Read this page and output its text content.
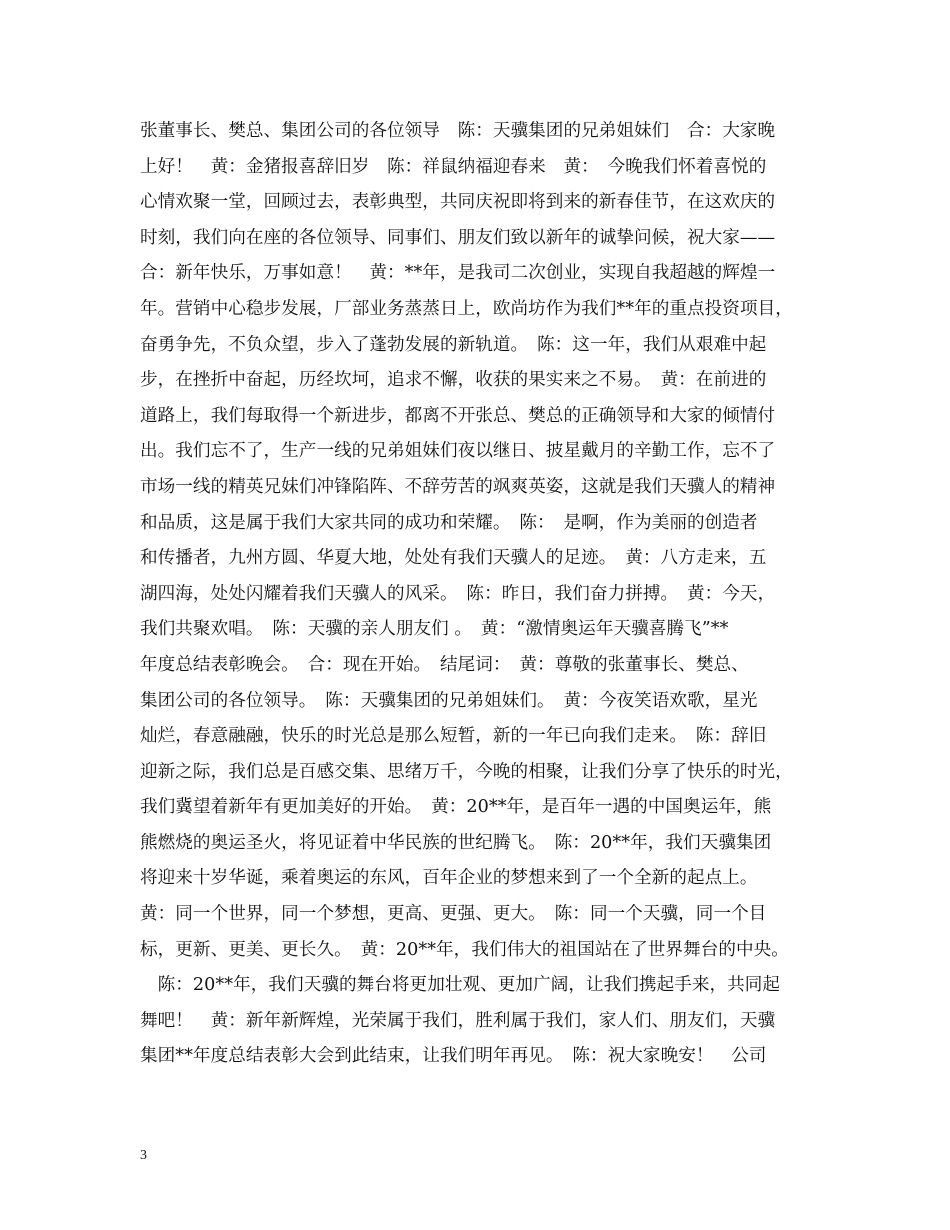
张董事长、樊总、集团公司的各位领导　陈：天骥集团的兄弟姐妹们　合：大家晚
上好！　黄：金猪报喜辞旧岁　陈：祥鼠纳福迎春来　黄：　今晚我们怀着喜悦的
心情欢聚一堂，回顾过去，表彰典型，共同庆祝即将到来的新春佳节，在这欢庆的
时刻，我们向在座的各位领导、同事们、朋友们致以新年的诚挚问候，祝大家——
合：新年快乐，万事如意！　黄：**年，是我司二次创业，实现自我超越的辉煌一
年。营销中心稳步发展，厂部业务蒸蒸日上，欧尚坊作为我们**年的重点投资项目，
奋勇争先，不负众望，步入了蓬勃发展的新轨道。　陈：这一年，我们从艰难中起
步，在挫折中奋起，历经坎坷，追求不懈，收获的果实来之不易。　黄：在前进的
道路上，我们每取得一个新进步，都离不开张总、樊总的正确领导和大家的倾情付
出。我们忘不了，生产一线的兄弟姐妹们夜以继日、披星戴月的辛勤工作，忘不了
市场一线的精英兄妹们冲锋陷阵、不辞劳苦的飒爽英姿，这就是我们天骥人的精神
和品质，这是属于我们大家共同的成功和荣耀。　陈：　是啊，作为美丽的创造者
和传播者，九州方圆、华夏大地，处处有我们天骥人的足迹。　黄：八方走来，五
湖四海，处处闪耀着我们天骥人的风采。　陈：昨日，我们奋力拼搏。　黄：今天，
我们共聚欢唱。　陈：天骥的亲人朋友们 。　黄：“激情奥运年天骥喜腾飞”**
年度总结表彰晚会。　合：现在开始。　结尾词：　黄：尊敬的张董事长、樊总、
集团公司的各位领导。　陈：天骥集团的兄弟姐妹们。　黄：今夜笑语欢歌，星光
灿烂，春意融融，快乐的时光总是那么短暂，新的一年已向我们走来。　陈：辞旧
迎新之际，我们总是百感交集、思绪万千，今晚的相聚，让我们分享了快乐的时光，
我们冀望着新年有更加美好的开始。　黄：20**年，是百年一遇的中国奥运年，熊
熊燃烧的奥运圣火，将见证着中华民族的世纪腾飞。　陈：20**年，我们天骥集团
将迎来十岁华诞，乘着奥运的东风，百年企业的梦想来到了一个全新的起点上。
黄：同一个世界，同一个梦想，更高、更强、更大。　陈：同一个天骥，同一个目
标，更新、更美、更长久。　黄：20**年，我们伟大的祖国站在了世界舞台的中央。
　陈：20**年，我们天骥的舞台将更加壮观、更加广阔，让我们携起手来，共同起
舞吧！　黄：新年新辉煌，光荣属于我们，胜利属于我们，家人们、朋友们，天骥
集团**年度总结表彰大会到此结束，让我们明年再见。　陈：祝大家晚安！　公司
3
